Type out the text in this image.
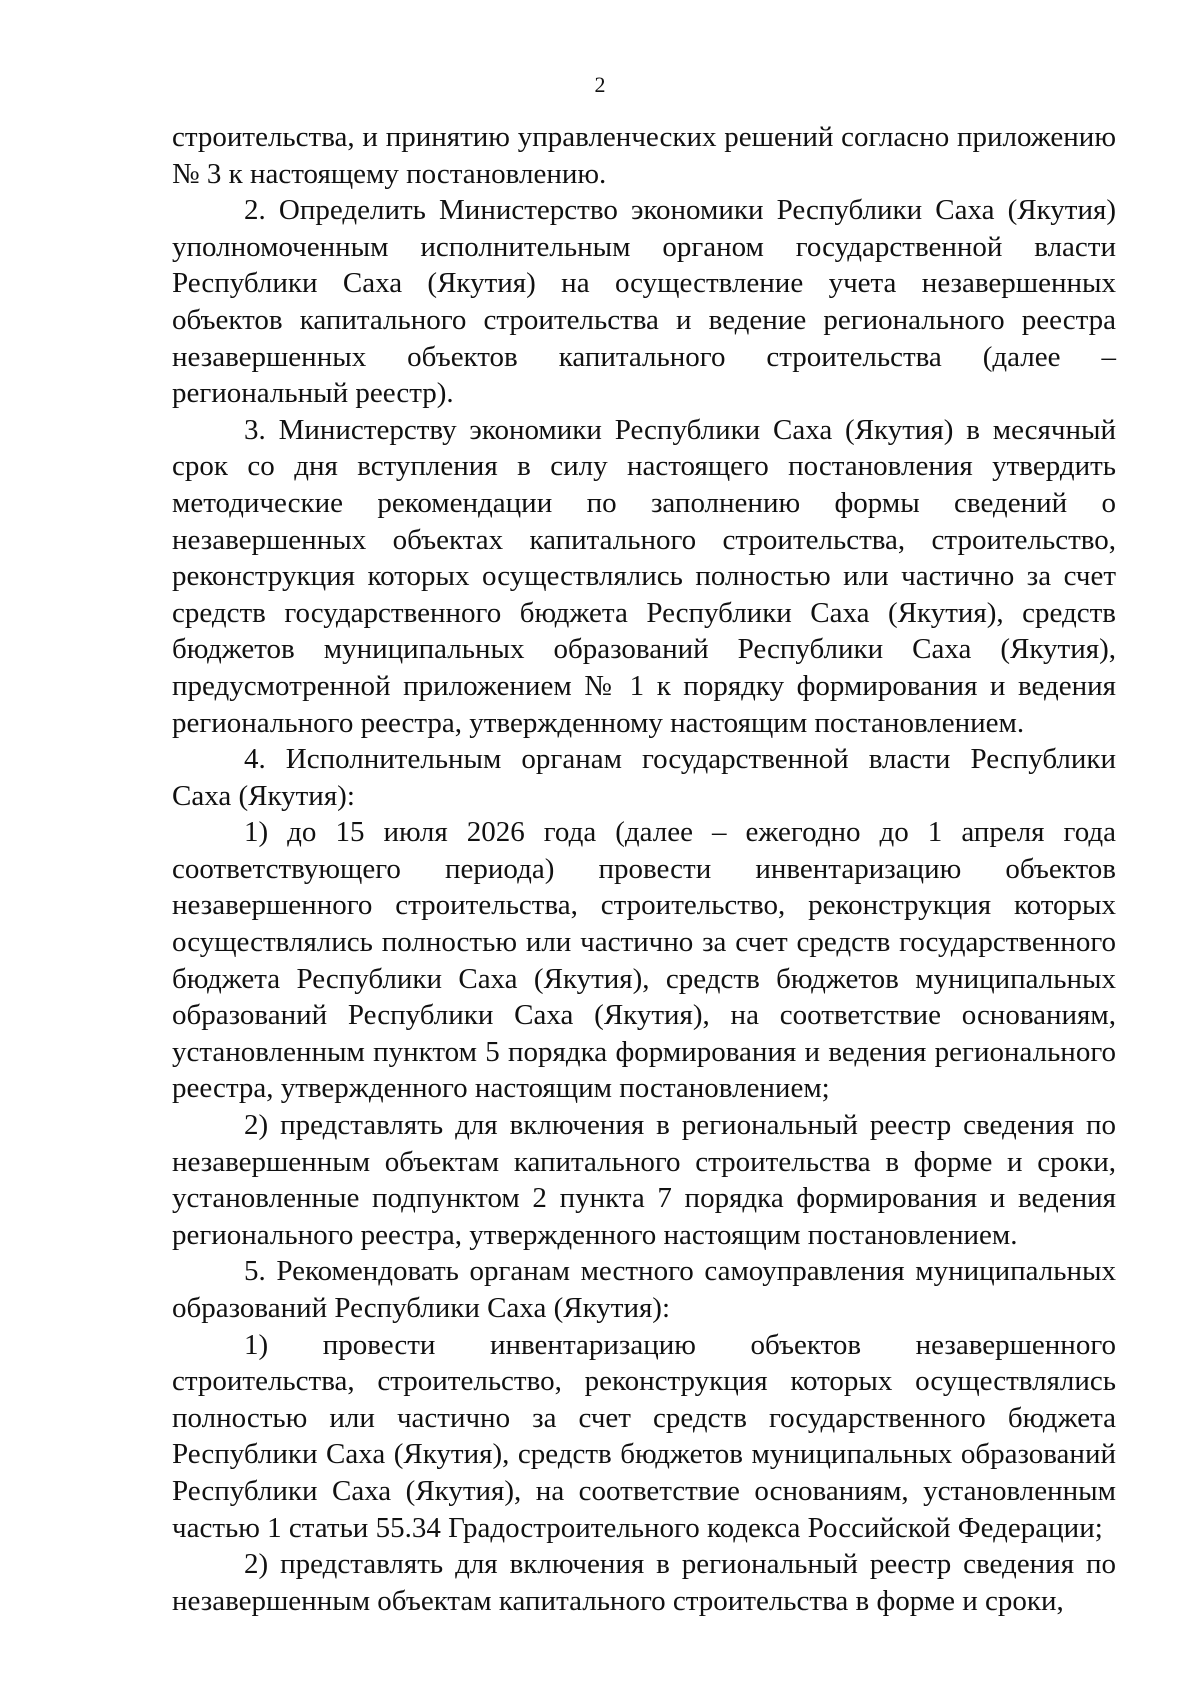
2

строительства, и принятию управленческих решений согласно приложению № 3 к настоящему постановлению.

2. Определить Министерство экономики Республики Саха (Якутия) уполномоченным исполнительным органом государственной власти Республики Саха (Якутия) на осуществление учета незавершенных объектов капитального строительства и ведение регионального реестра незавершенных объектов капитального строительства (далее – региональный реестр).

3. Министерству экономики Республики Саха (Якутия) в месячный срок со дня вступления в силу настоящего постановления утвердить методические рекомендации по заполнению формы сведений о незавершенных объектах капитального строительства, строительство, реконструкция которых осуществлялись полностью или частично за счет средств государственного бюджета Республики Саха (Якутия), средств бюджетов муниципальных образований Республики Саха (Якутия), предусмотренной приложением № 1 к порядку формирования и ведения регионального реестра, утвержденному настоящим постановлением.

4. Исполнительным органам государственной власти Республики Саха (Якутия):

1) до 15 июля 2026 года (далее – ежегодно до 1 апреля года соответствующего периода) провести инвентаризацию объектов незавершенного строительства, строительство, реконструкция которых осуществлялись полностью или частично за счет средств государственного бюджета Республики Саха (Якутия), средств бюджетов муниципальных образований Республики Саха (Якутия), на соответствие основаниям, установленным пунктом 5 порядка формирования и ведения регионального реестра, утвержденного настоящим постановлением;

2) представлять для включения в региональный реестр сведения по незавершенным объектам капитального строительства в форме и сроки, установленные подпунктом 2 пункта 7 порядка формирования и ведения регионального реестра, утвержденного настоящим постановлением.

5. Рекомендовать органам местного самоуправления муниципальных образований Республики Саха (Якутия):

1) провести инвентаризацию объектов незавершенного строительства, строительство, реконструкция которых осуществлялись полностью или частично за счет средств государственного бюджета Республики Саха (Якутия), средств бюджетов муниципальных образований Республики Саха (Якутия), на соответствие основаниям, установленным частью 1 статьи 55.34 Градостроительного кодекса Российской Федерации;

2) представлять для включения в региональный реестр сведения по незавершенным объектам капитального строительства в форме и сроки,
